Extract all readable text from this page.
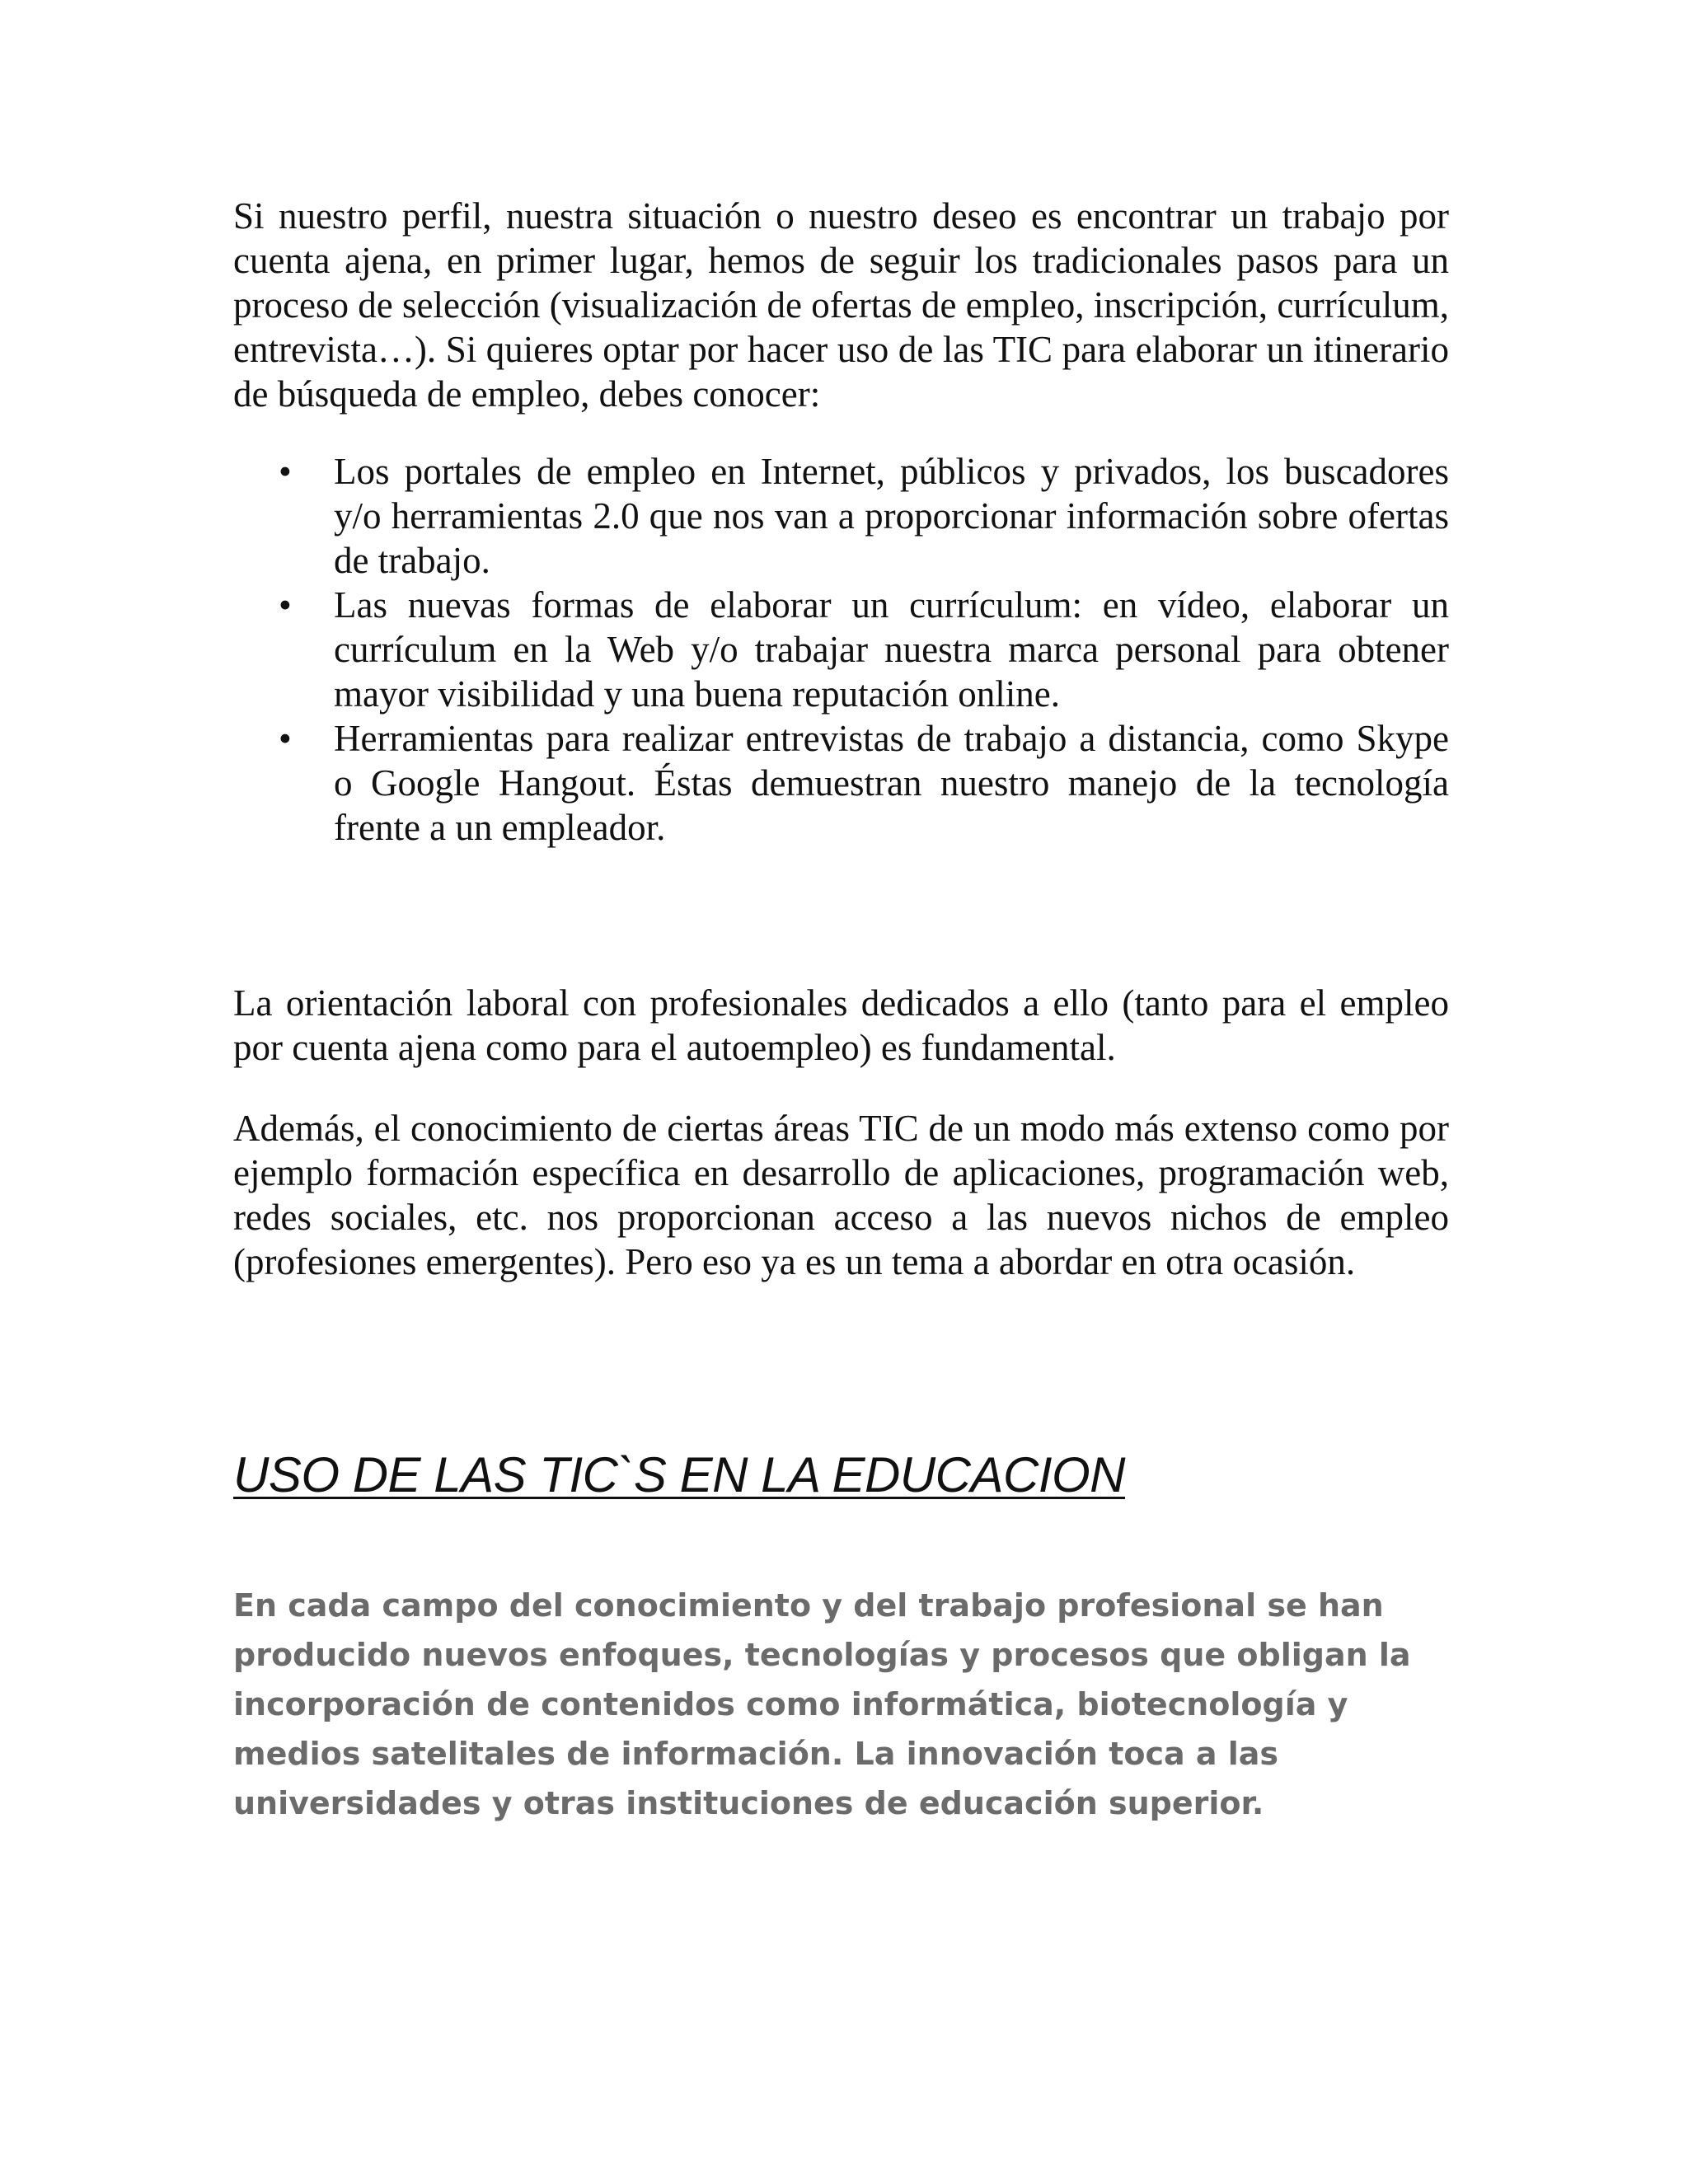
Si nuestro perfil, nuestra situación o nuestro deseo es encontrar un trabajo por cuenta ajena, en primer lugar, hemos de seguir los tradicionales pasos para un proceso de selección (visualización de ofertas de empleo, inscripción, currículum, entrevista…). Si quieres optar por hacer uso de las TIC para elaborar un itinerario de búsqueda de empleo, debes conocer:

•	Los portales de empleo en Internet, públicos y privados, los buscadores y/o herramientas 2.0 que nos van a proporcionar información sobre ofertas de trabajo.
•	Las nuevas formas de elaborar un currículum: en vídeo, elaborar un currículum en la Web y/o trabajar nuestra marca personal para obtener mayor visibilidad y una buena reputación online.
•	Herramientas para realizar entrevistas de trabajo a distancia, como Skype o Google Hangout. Éstas demuestran nuestro manejo de la tecnología frente a un empleador.

La orientación laboral con profesionales dedicados a ello (tanto para el empleo por cuenta ajena como para el autoempleo) es fundamental.

Además, el conocimiento de ciertas áreas TIC de un modo más extenso como por ejemplo formación específica en desarrollo de aplicaciones, programación web, redes sociales, etc. nos proporcionan acceso a las nuevos nichos de empleo (profesiones emergentes). Pero eso ya es un tema a abordar en otra ocasión.

USO DE LAS TIC`S EN LA EDUCACION

En cada campo del conocimiento y del trabajo profesional se han producido nuevos enfoques, tecnologías y procesos que obligan la incorporación de contenidos como informática, biotecnología y medios satelitales de información. La innovación toca a las universidades y otras instituciones de educación superior.
